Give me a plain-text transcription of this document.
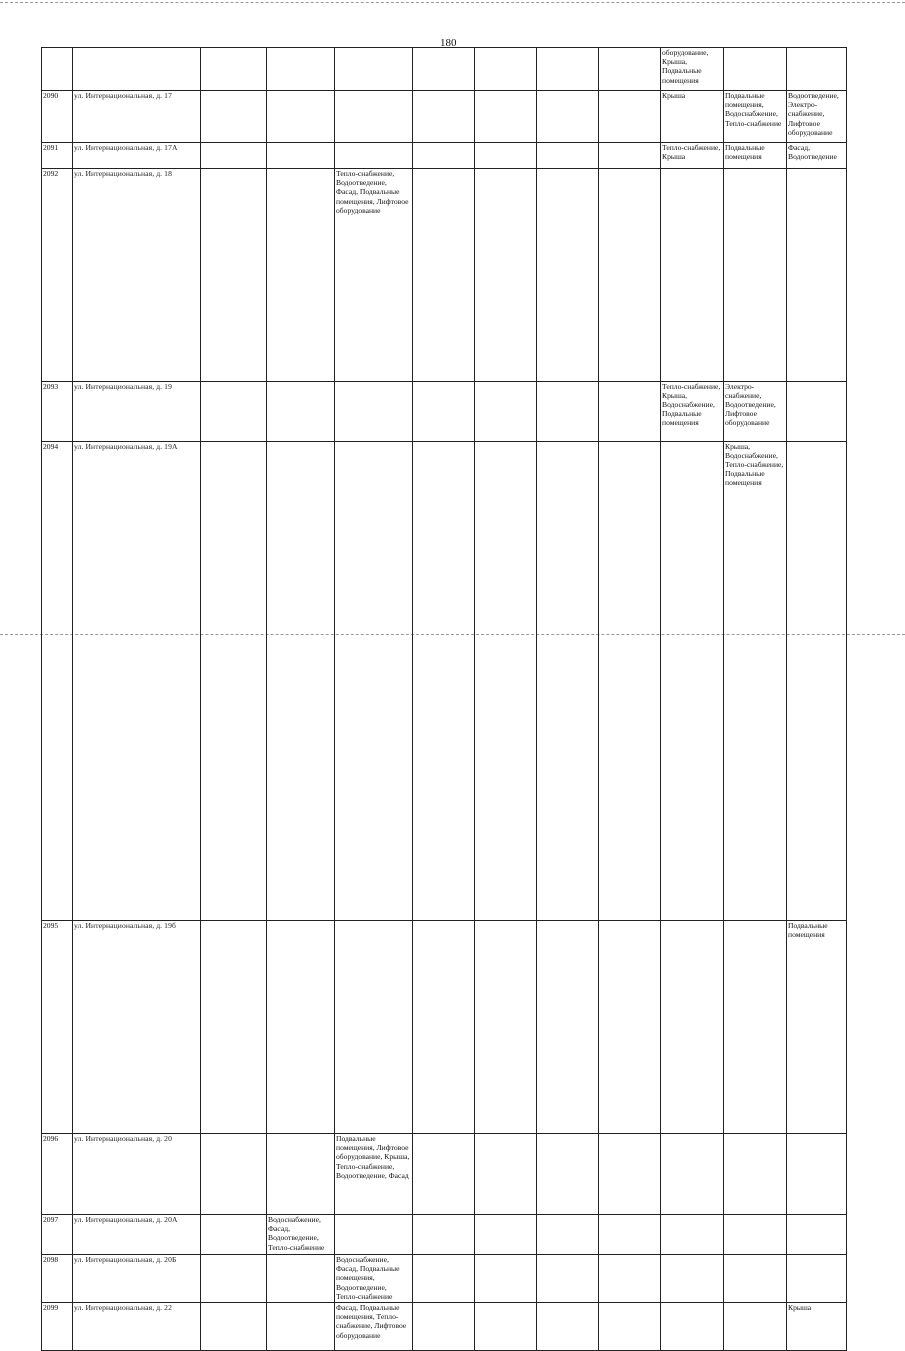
180
									оборудование, Крыша, Подвальные помещения			
2090	ул. Интернациональная, д. 17								Крыша	Подвальные помещения, Водоснабжение, Тепло-снабжение	Водоотведение, Электро-снабжение, Лифтовое оборудование	
2091	ул. Интернациональная, д. 17А								Тепло-снабжение, Крыша	Подвальные помещения	Фасад, Водоотведение	
2092	ул. Интернациональная, д. 18			Тепло-снабжение, Водоотведение, Фасад, Подвальные помещения, Лифтовое оборудование								
2093	ул. Интернациональная, д. 19								Тепло-снабжение, Крыша, Водоснабжение, Подвальные помещения	Электро-снабжение, Водоотведение, Лифтовое оборудование		
2094	ул. Интернациональная, д. 19А									Крыша, Водоснабжение, Тепло-снабжение, Подвальные помещения		
2095	ул. Интернациональная, д. 19б										Подвальные помещения	
2096	ул. Интернациональная, д. 20			Подвальные помещения, Лифтовое оборудование, Крыша, Тепло-снабжение, Водоотведение, Фасад								
2097	ул. Интернациональная, д. 20А		Водоснабжение, Фасад, Водоотведение, Тепло-снабжение									
2098	ул. Интернациональная, д. 20Б			Водоснабжение, Фасад, Подвальные помещения, Водоотведение, Тепло-снабжение								
2099	ул. Интернациональная, д. 22			Фасад, Подвальные помещения, Тепло-снабжение, Лифтовое оборудование							Крыша	
